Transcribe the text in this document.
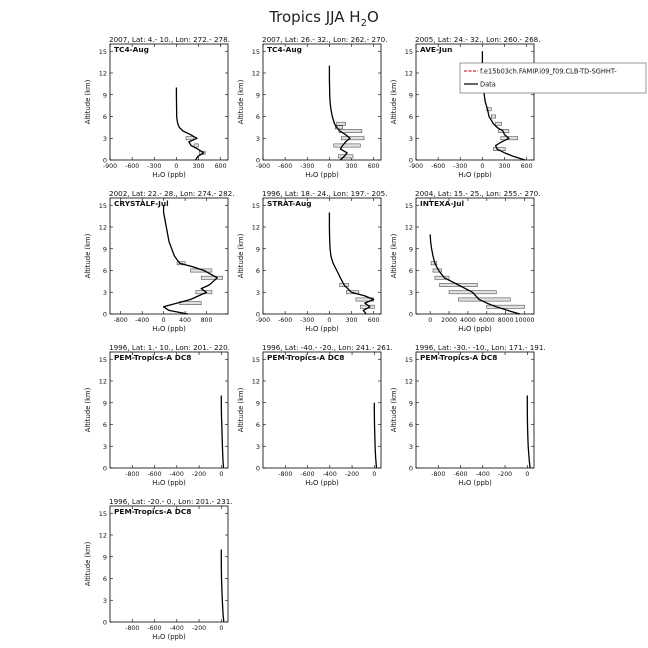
Tropics JJA $H_2O$
2007, Lat: 4.- 10., Lon: 272.- 278.
TC4-Aug
0
3
6
9
12
15
-900 -600 -300 0 300 600
H₂O (ppb)
Altitude (km)
2007, Lat: 26.- 32., Lon: 262.- 270.
TC4-Aug
0
3
6
9
12
15
-900 -600 -300 0 300 600
H₂O (ppb)
Altitude (km)
2005, Lat: 24.- 32., Lon: 260.- 268.
AVE-Jun
0
3
6
9
12
15
-900 -600 -300 0 300 600
H₂O (ppb)
Altitude (km)
2002, Lat: 22.- 28., Lon: 274.- 282.
CRYSTALF-Jul
0
3
6
9
12
15
-800 -400 0 400 800
H₂O (ppb)
Altitude (km)
1996, Lat: 18.- 24., Lon: 197.- 205.
STRAT-Aug
0
3
6
9
12
15
-900 -600 -300 0 300 600
H₂O (ppb)
Altitude (km)
2004, Lat: 15.- 25., Lon: 255.- 270.
INTEXA-Jul
0
3
6
9
12
15
0 2000 4000 6000 8000 10000
H₂O (ppb)
Altitude (km)
1996, Lat: 1.- 10., Lon: 201.- 220.
PEM-Tropics-A DC8
0
3
6
9
12
15
-800 -600 -400 -200 0
H₂O (ppb)
Altitude (km)
1996, Lat: -40.- -20., Lon: 241.- 261.
PEM-Tropics-A DC8
0
3
6
9
12
15
-800 -600 -400 -200 0
H₂O (ppb)
Altitude (km)
1996, Lat: -30.- -10., Lon: 171.- 191.
PEM-Tropics-A DC8
0
3
6
9
12
15
-800 -600 -400 -200 0
H₂O (ppb)
Altitude (km)
1996, Lat: -20.- 0., Lon: 201.- 231.
PEM-Tropics-A DC8
0
3
6
9
12
15
-800 -600 -400 -200 0
H₂O (ppb)
Altitude (km)
f.e15b03ch.FAMIP.i09_f09.CLB-TD-SGHHT-
Data
